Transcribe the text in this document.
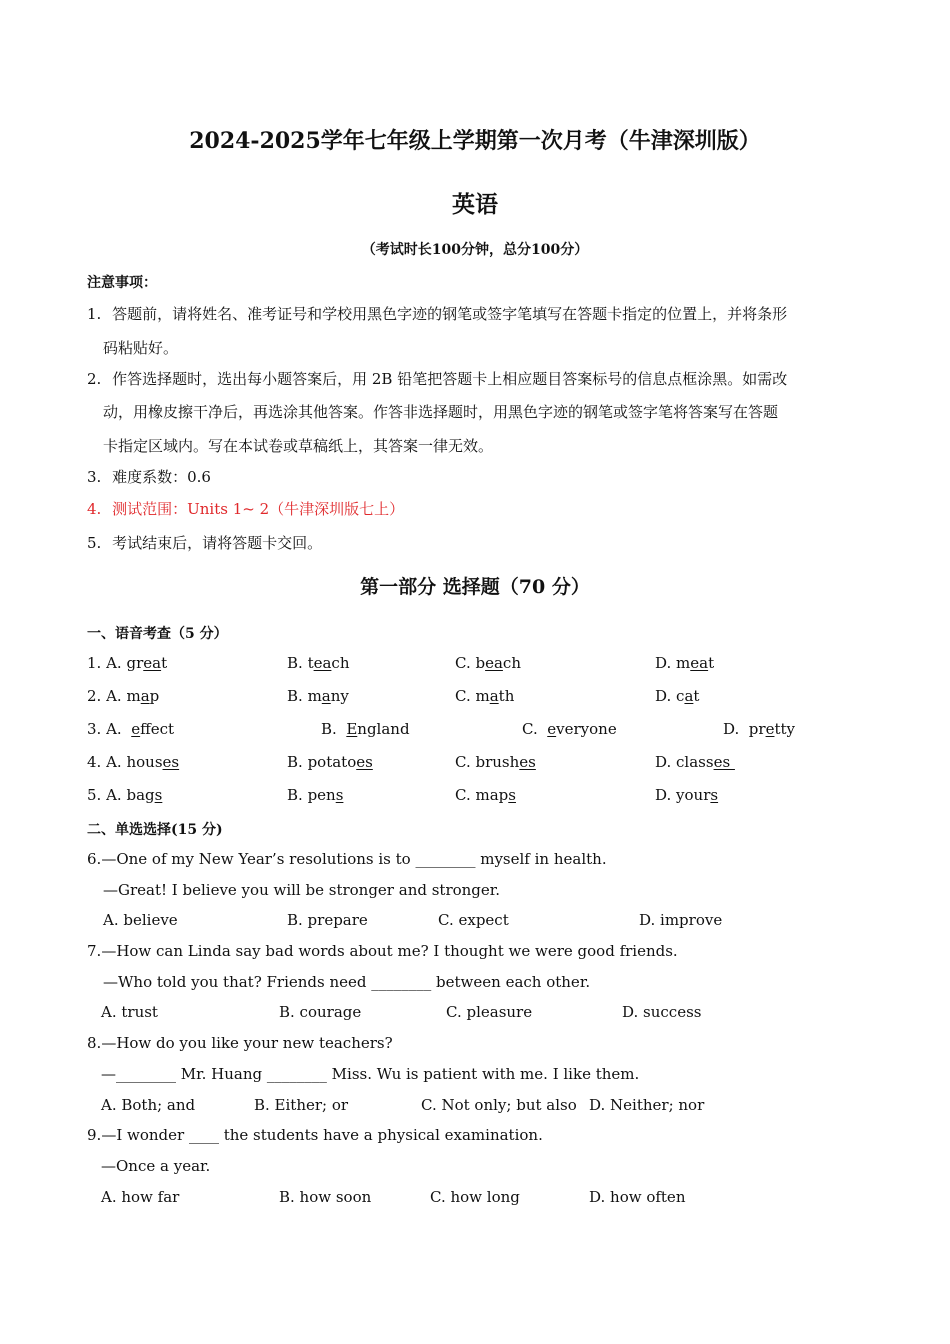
2024-2025学年七年级上学期第一次月考（牛津深圳版）
英语
（考试时长100分钟，总分100分）
注意事项：
1. 答题前，请将姓名、准考证号和学校用黑色字迹的钢笔或签字笔填写在答题卡指定的位置上，并将条形
码粘贴好。
2. 作答选择题时，选出每小题答案后，用 2B 铅笔把答题卡上相应题目答案标号的信息点框涂黑。如需改
动，用橡皮擦干净后，再选涂其他答案。作答非选择题时，用黑色字迹的钢笔或签字笔将答案写在答题
卡指定区域内。写在本试卷或草稿纸上，其答案一律无效。
3. 难度系数：0.6
4. 测试范围：Units 1~ 2（牛津深圳版七上）
5. 考试结束后，请将答题卡交回。
第一部分 选择题（70 分）
一、语音考查（5 分）
1. A. great	B. teach	C. beach	D. meat
2. A. map	B. many	C. math	D. cat
3. A.  effect	B.  England	C.  everyone	D.  pretty
4. A. houses	B. potatoes	C. brushes	D. classes
5. A. bags	B. pens	C. maps	D. yours
二、单选选择(15 分)
6.—One of my New Year’s resolutions is to ________ myself in health.
—Great! I believe you will be stronger and stronger.
A. believe	B. prepare	C. expect	D. improve
7.—How can Linda say bad words about me? I thought we were good friends.
—Who told you that? Friends need ________ between each other.
A. trust	B. courage	C. pleasure	D. success
8.—How do you like your new teachers?
—________ Mr. Huang ________ Miss. Wu is patient with me. I like them.
A. Both; and	B. Either; or	C. Not only; but also D. Neither; nor
9.—I wonder ____ the students have a physical examination.
—Once a year.
A. how far	B. how soon	C. how long	D. how often
